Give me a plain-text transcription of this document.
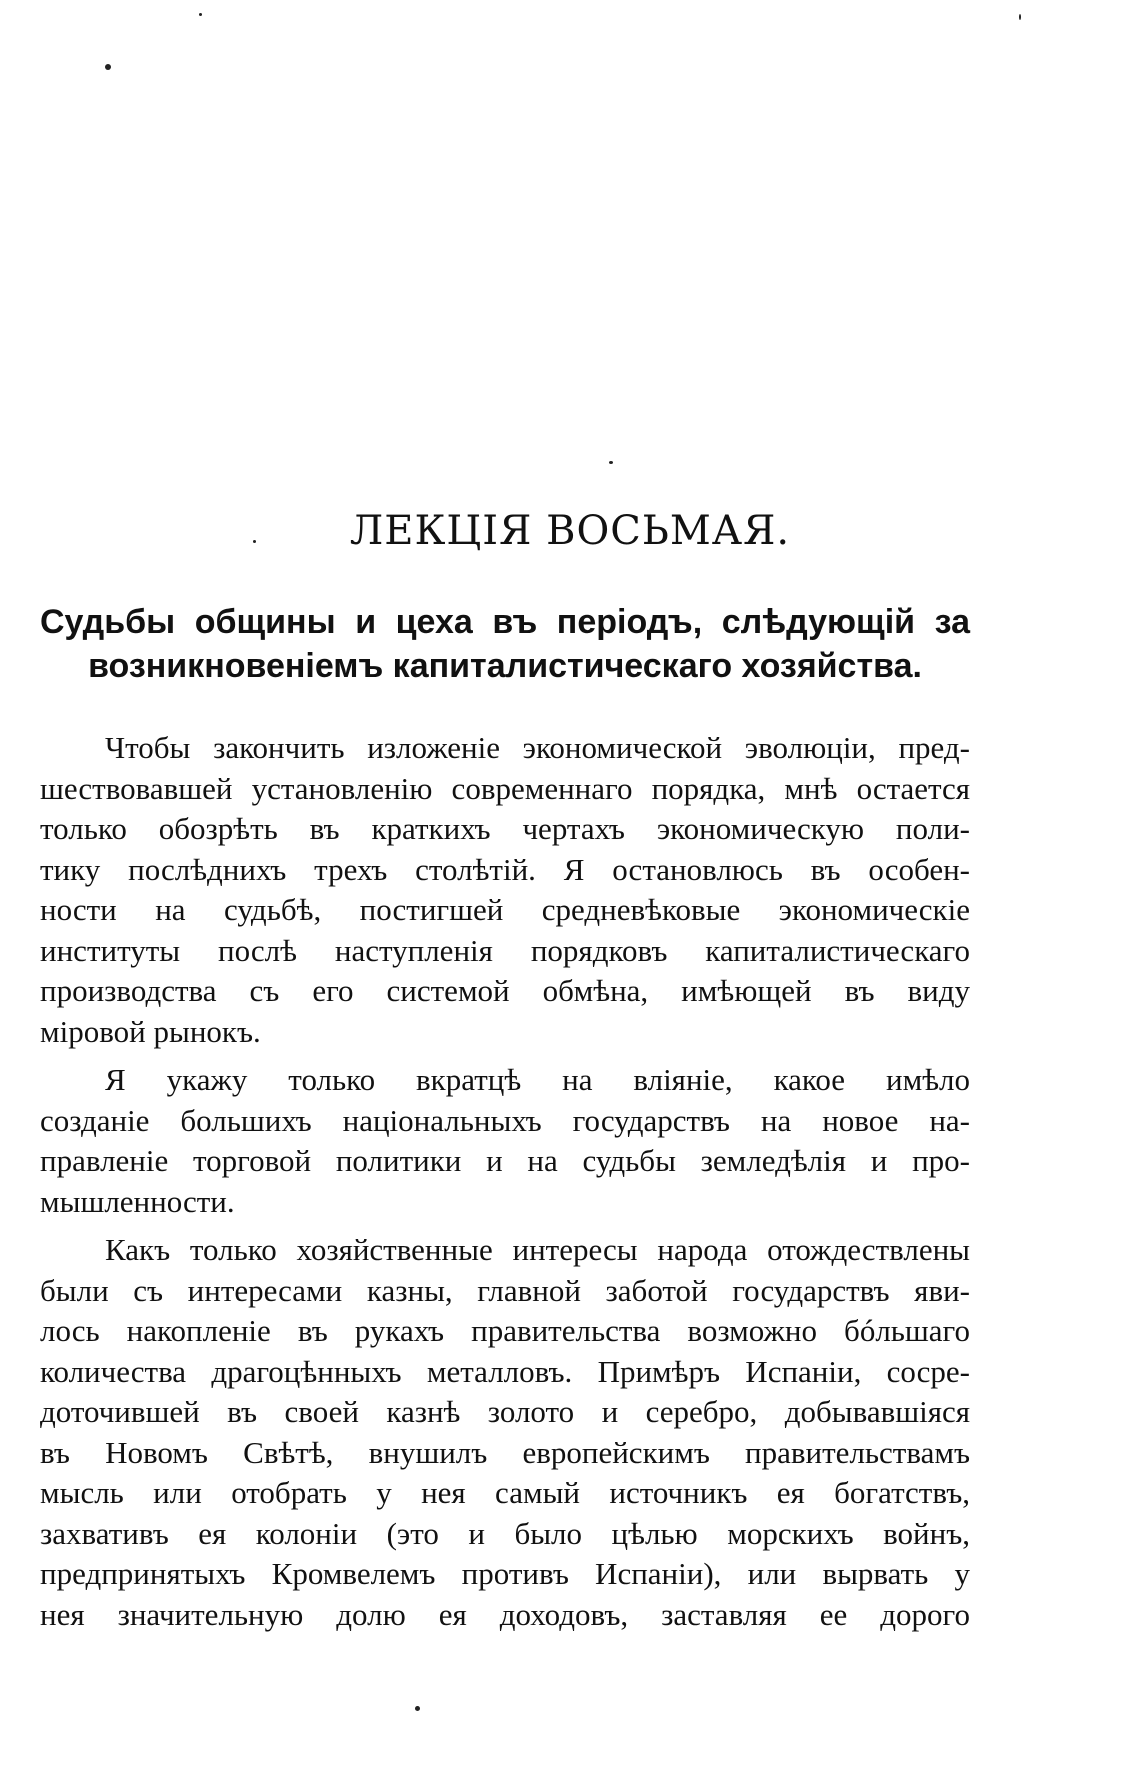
ЛЕКЦІЯ ВОСЬМАЯ.
Судьбы общины и цеха въ періодъ, слѣдующій за
возникновеніемъ капиталистическаго хозяйства.

Чтобы закончить изложеніе экономической эволюціи, пред-
шествовавшей установленію современнаго порядка, мнѣ остается
только обозрѣть въ краткихъ чертахъ экономическую поли-
тику послѣднихъ трехъ столѣтій. Я остановлюсь въ особен-
ности на судьбѣ, постигшей средневѣковые экономическіе
институты послѣ наступленія порядковъ капиталистическаго
производства съ его системой обмѣна, имѣющей въ виду
міровой рынокъ.

Я укажу только вкратцѣ на вліяніе, какое имѣло
созданіе большихъ національныхъ государствъ на новое на-
правленіе торговой политики и на судьбы земледѣлія и про-
мышленности.

Какъ только хозяйственные интересы народа отождествлены
были съ интересами казны, главной заботой государствъ яви-
лось накопленіе въ рукахъ правительства возможно бóльшаго
количества драгоцѣнныхъ металловъ. Примѣръ Испаніи, сосре-
доточившей въ своей казнѣ золото и серебро, добывавшіяся
въ Новомъ Свѣтѣ, внушилъ европейскимъ правительствамъ
мысль или отобрать у нея самый источникъ ея богатствъ,
захвативъ ея колоніи (это и было цѣлью морскихъ войнъ,
предпринятыхъ Кромвелемъ противъ Испаніи), или вырвать у
нея значительную долю ея доходовъ, заставляя ее дорого
